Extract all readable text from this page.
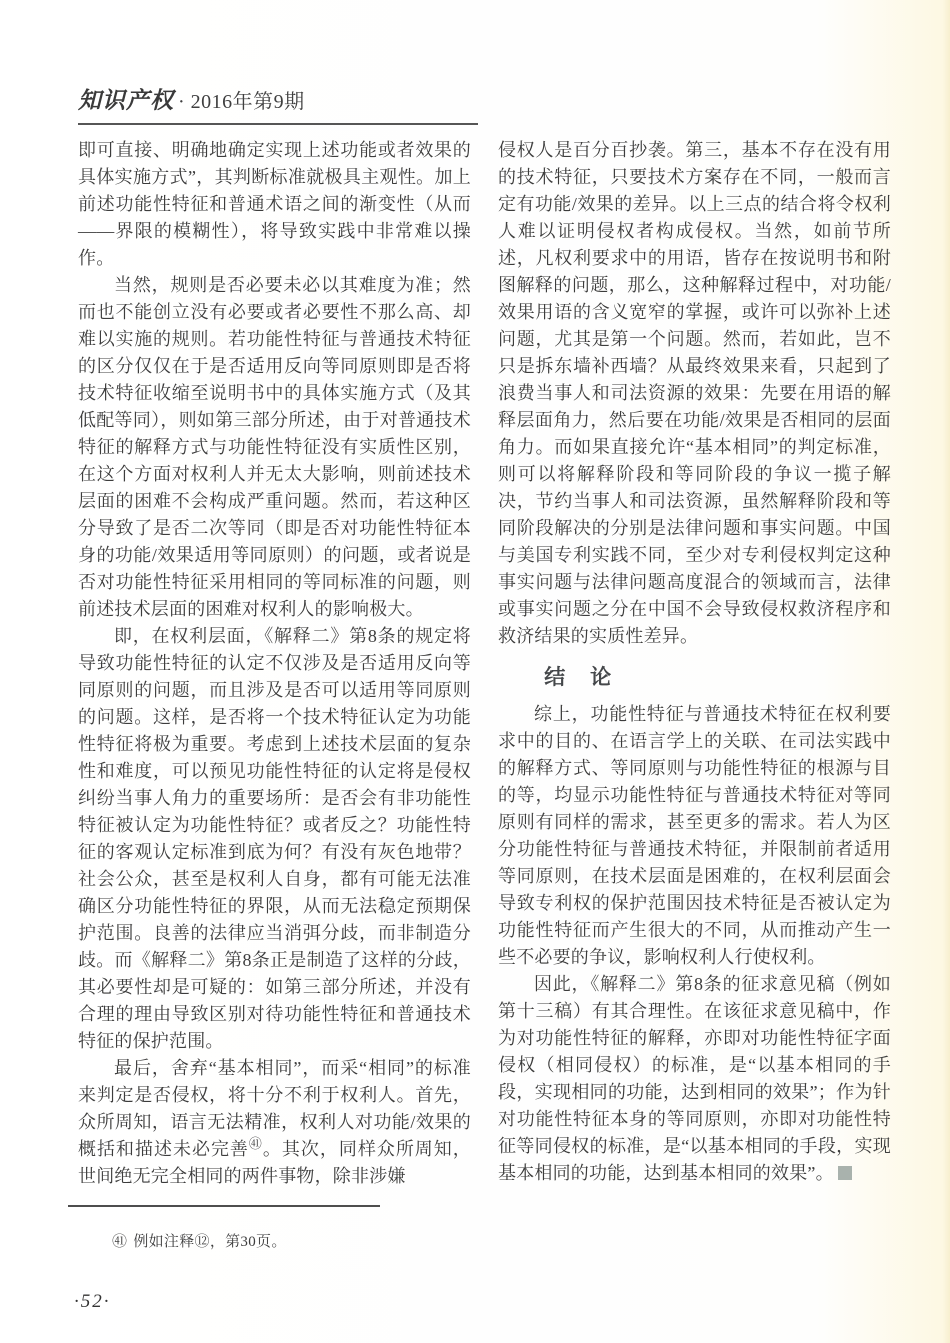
知识产权 · 2016年第9期

即可直接、明确地确定实现上述功能或者效果的具体实施方式”，其判断标准就极具主观性。加上前述功能性特征和普通术语之间的渐变性（从而——界限的模糊性），将导致实践中非常难以操作。

当然，规则是否必要未必以其难度为准；然而也不能创立没有必要或者必要性不那么高、却难以实施的规则。若功能性特征与普通技术特征的区分仅仅在于是否适用反向等同原则即是否将技术特征收缩至说明书中的具体实施方式（及其低配等同），则如第三部分所述，由于对普通技术特征的解释方式与功能性特征没有实质性区别，在这个方面对权利人并无太大影响，则前述技术层面的困难不会构成严重问题。然而，若这种区分导致了是否二次等同（即是否对功能性特征本身的功能/效果适用等同原则）的问题，或者说是否对功能性特征采用相同的等同标准的问题，则前述技术层面的困难对权利人的影响极大。

即，在权利层面，《解释二》第8条的规定将导致功能性特征的认定不仅涉及是否适用反向等同原则的问题，而且涉及是否可以适用等同原则的问题。这样，是否将一个技术特征认定为功能性特征将极为重要。考虑到上述技术层面的复杂性和难度，可以预见功能性特征的认定将是侵权纠纷当事人角力的重要场所：是否会有非功能性特征被认定为功能性特征？或者反之？功能性特征的客观认定标准到底为何？有没有灰色地带？社会公众，甚至是权利人自身，都有可能无法准确区分功能性特征的界限，从而无法稳定预期保护范围。良善的法律应当消弭分歧，而非制造分歧。而《解释二》第8条正是制造了这样的分歧，其必要性却是可疑的：如第三部分所述，并没有合理的理由导致区别对待功能性特征和普通技术特征的保护范围。

最后，舍弃“基本相同”，而采“相同”的标准来判定是否侵权，将十分不利于权利人。首先，众所周知，语言无法精准，权利人对功能/效果的概括和描述未必完善$^㊶$。其次，同样众所周知，世间绝无完全相同的两件事物，除非涉嫌

侵权人是百分百抄袭。第三，基本不存在没有用的技术特征，只要技术方案存在不同，一般而言定有功能/效果的差异。以上三点的结合将令权利人难以证明侵权者构成侵权。当然，如前节所述，凡权利要求中的用语，皆存在按说明书和附图解释的问题，那么，这种解释过程中，对功能/效果用语的含义宽窄的掌握，或许可以弥补上述问题，尤其是第一个问题。然而，若如此，岂不只是拆东墙补西墙？从最终效果来看，只起到了浪费当事人和司法资源的效果：先要在用语的解释层面角力，然后要在功能/效果是否相同的层面角力。而如果直接允许“基本相同”的判定标准，则可以将解释阶段和等同阶段的争议一揽子解决，节约当事人和司法资源，虽然解释阶段和等同阶段解决的分别是法律问题和事实问题。中国与美国专利实践不同，至少对专利侵权判定这种事实问题与法律问题高度混合的领域而言，法律或事实问题之分在中国不会导致侵权救济程序和救济结果的实质性差异。

结　论

综上，功能性特征与普通技术特征在权利要求中的目的、在语言学上的关联、在司法实践中的解释方式、等同原则与功能性特征的根源与目的等，均显示功能性特征与普通技术特征对等同原则有同样的需求，甚至更多的需求。若人为区分功能性特征与普通技术特征，并限制前者适用等同原则，在技术层面是困难的，在权利层面会导致专利权的保护范围因技术特征是否被认定为功能性特征而产生很大的不同，从而推动产生一些不必要的争议，影响权利人行使权利。

因此，《解释二》第8条的征求意见稿（例如第十三稿）有其合理性。在该征求意见稿中，作为对功能性特征的解释，亦即对功能性特征字面侵权（相同侵权）的标准，是“以基本相同的手段，实现相同的功能，达到相同的效果”；作为针对功能性特征本身的等同原则，亦即对功能性特征等同侵权的标准，是“以基本相同的手段，实现基本相同的功能，达到基本相同的效果”。

㊶ 例如注释⑫，第30页。
·52·
